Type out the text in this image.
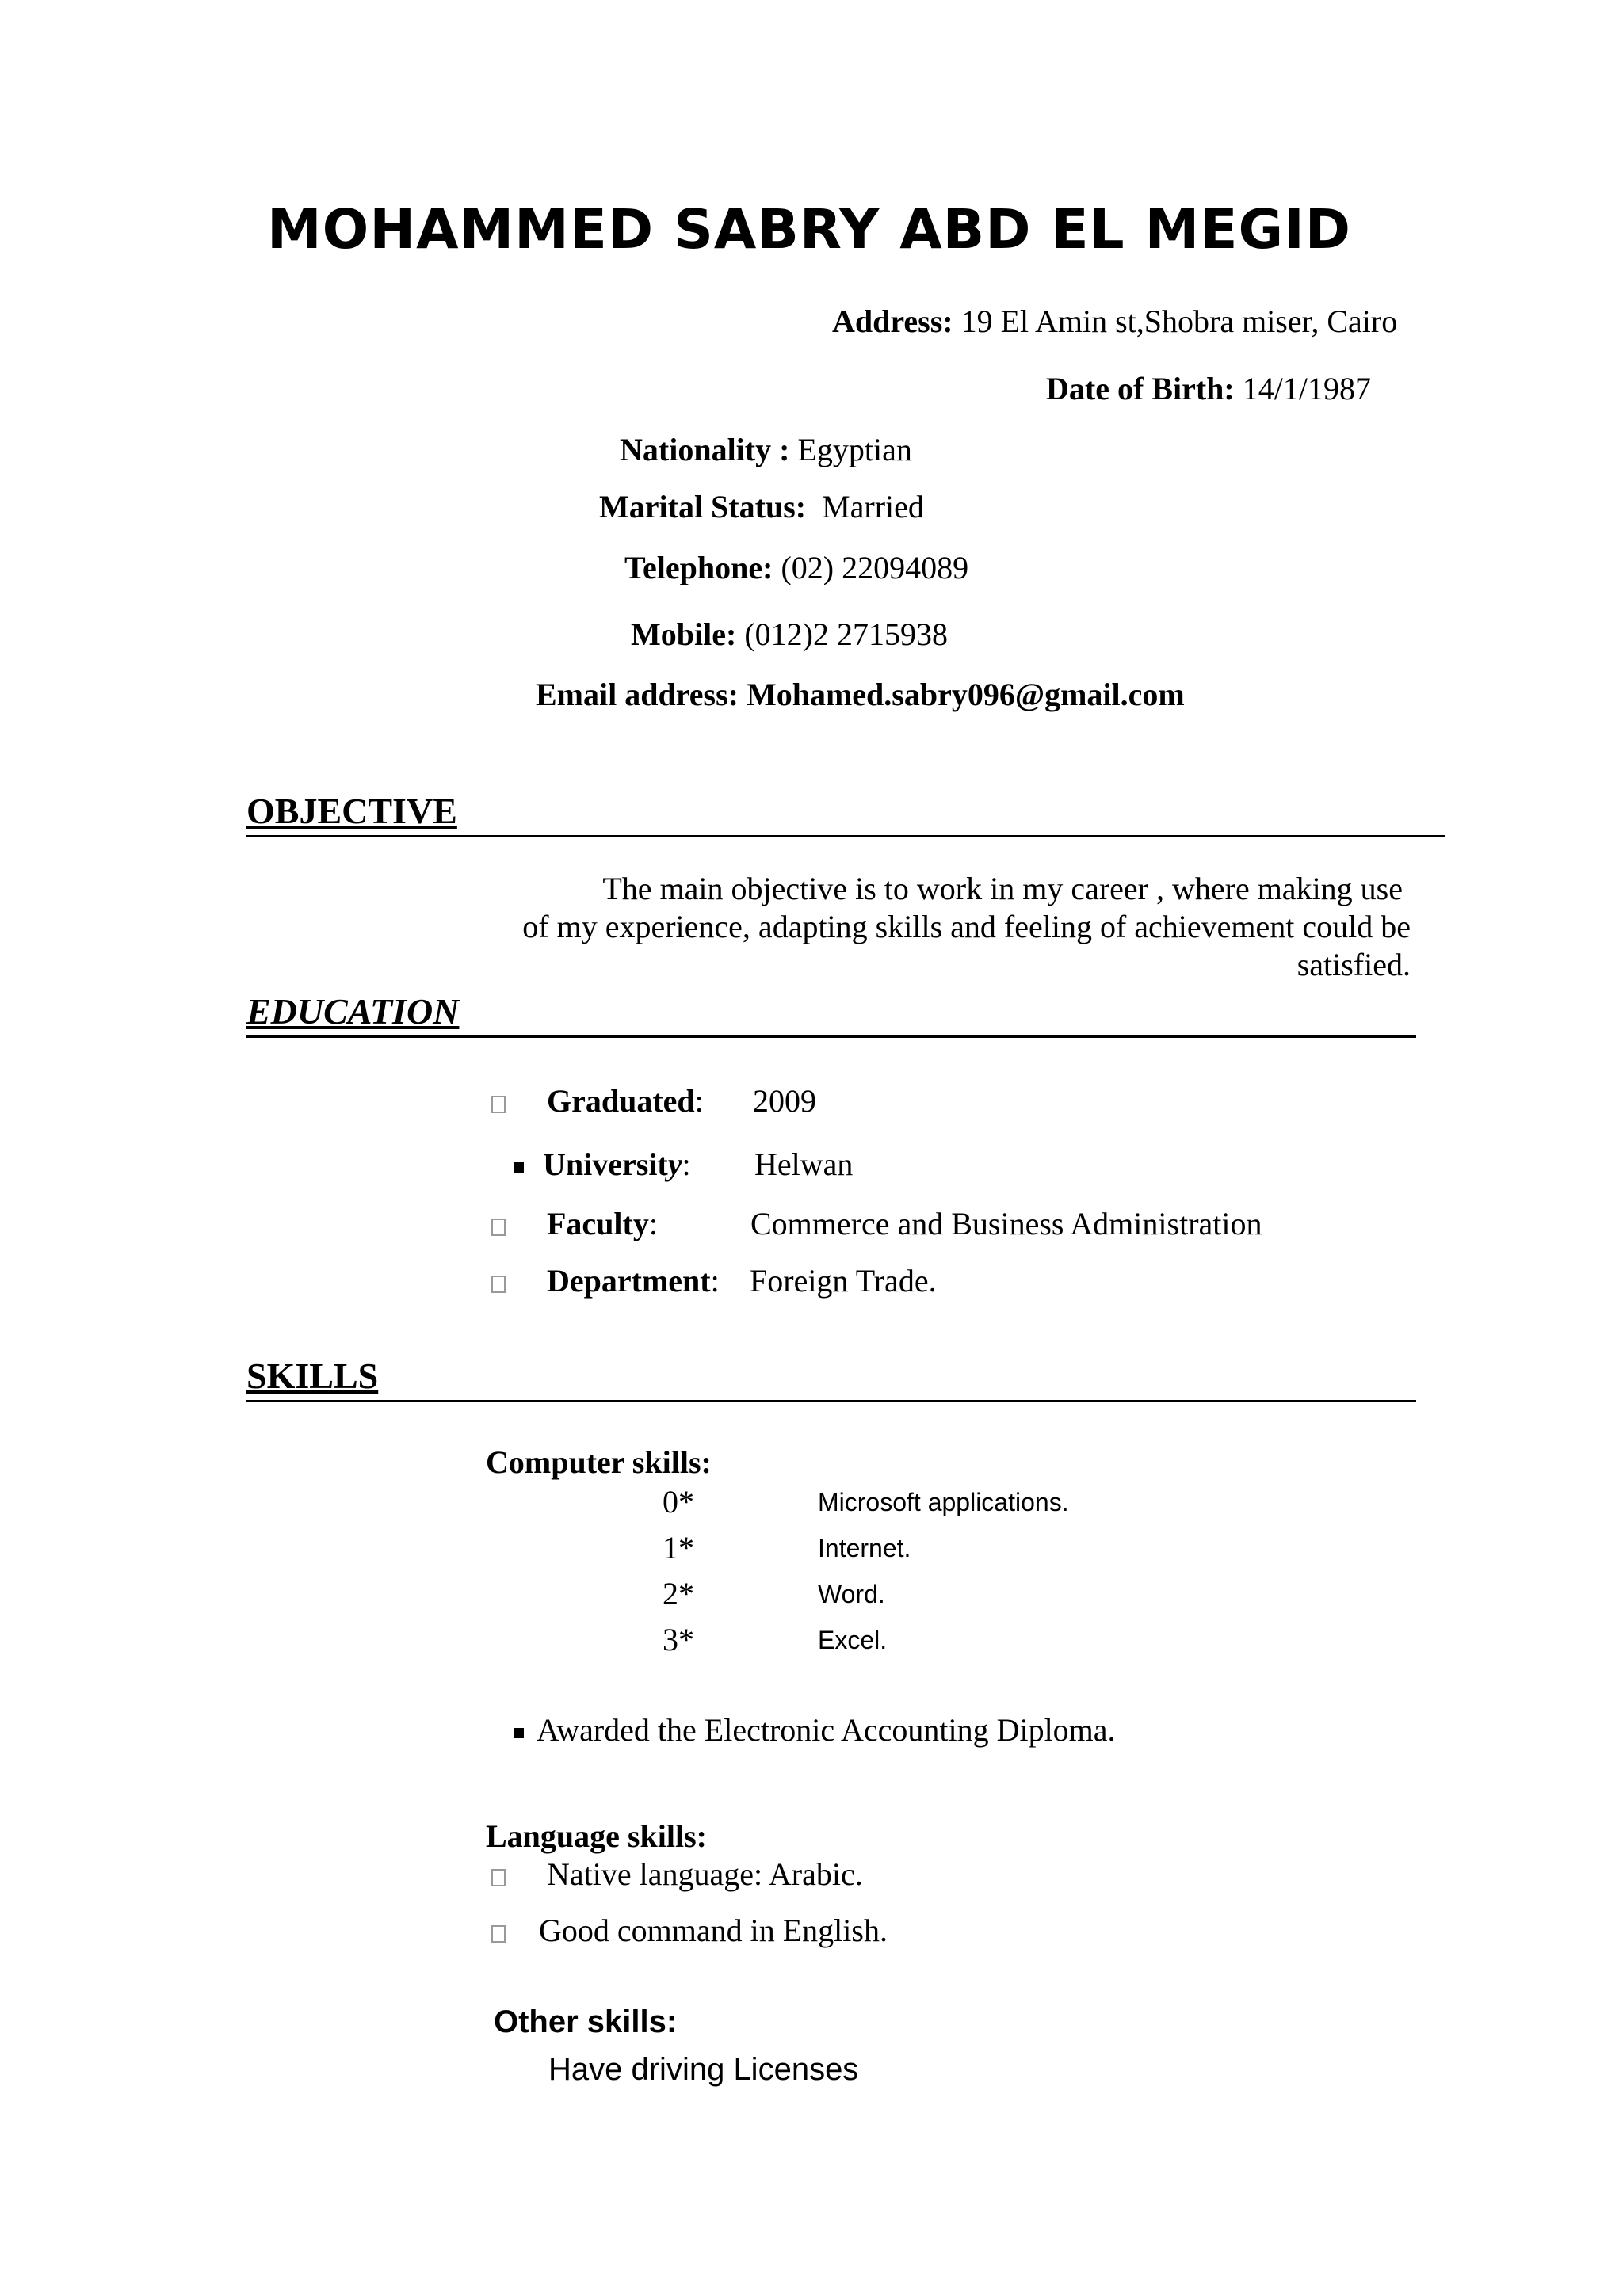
MOHAMMED SABRY ABD EL MEGID
Address: 19 El Amin st,Shobra miser, Cairo
Date of Birth: 14/1/1987
Nationality : Egyptian
Marital Status:  Married
Telephone: (02) 22094089
Mobile: (012)2 2715938
Email address: Mohamed.sabry096@gmail.com
OBJECTIVE
The main objective is to work in my career , where making use
of my experience, adapting skills and feeling of achievement could be
satisfied.
EDUCATION
Graduated: 2009
University: Helwan
Faculty:	Commerce and Business Administration
Department: Foreign Trade.
SKILLS
Computer skills:
0*	Microsoft applications.
1*	Internet.
2*	Word.
3*	Excel.
Awarded the Electronic Accounting Diploma.
Language skills:
Native language: Arabic.
Good command in English.
Other skills:
Have driving Licenses
